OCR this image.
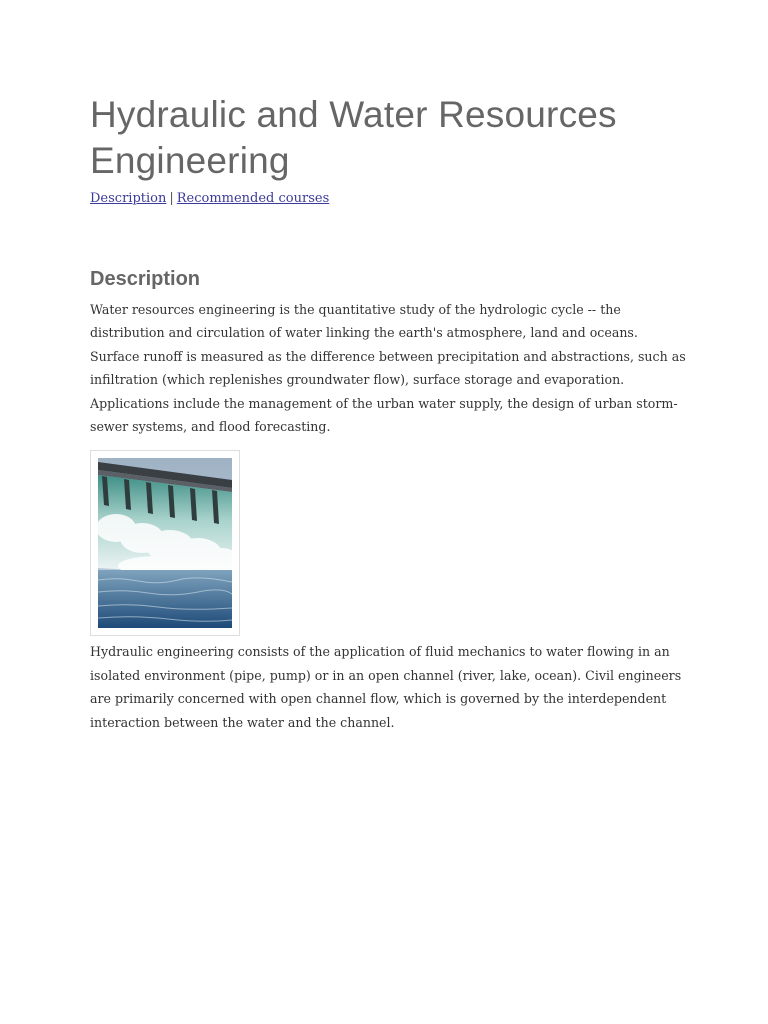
Hydraulic and Water Resources Engineering
Description | Recommended courses
Description

Water resources engineering is the quantitative study of the hydrologic cycle -- the distribution and circulation of water linking the earth's atmosphere, land and oceans. Surface runoff is measured as the difference between precipitation and abstractions, such as infiltration (which replenishes groundwater flow), surface storage and evaporation. Applications include the management of the urban water supply, the design of urban storm-sewer systems, and flood forecasting.

Hydraulic engineering consists of the application of fluid mechanics to water flowing in an isolated environment (pipe, pump) or in an open channel (river, lake, ocean). Civil engineers are primarily concerned with open channel flow, which is governed by the interdependent interaction between the water and the channel.
